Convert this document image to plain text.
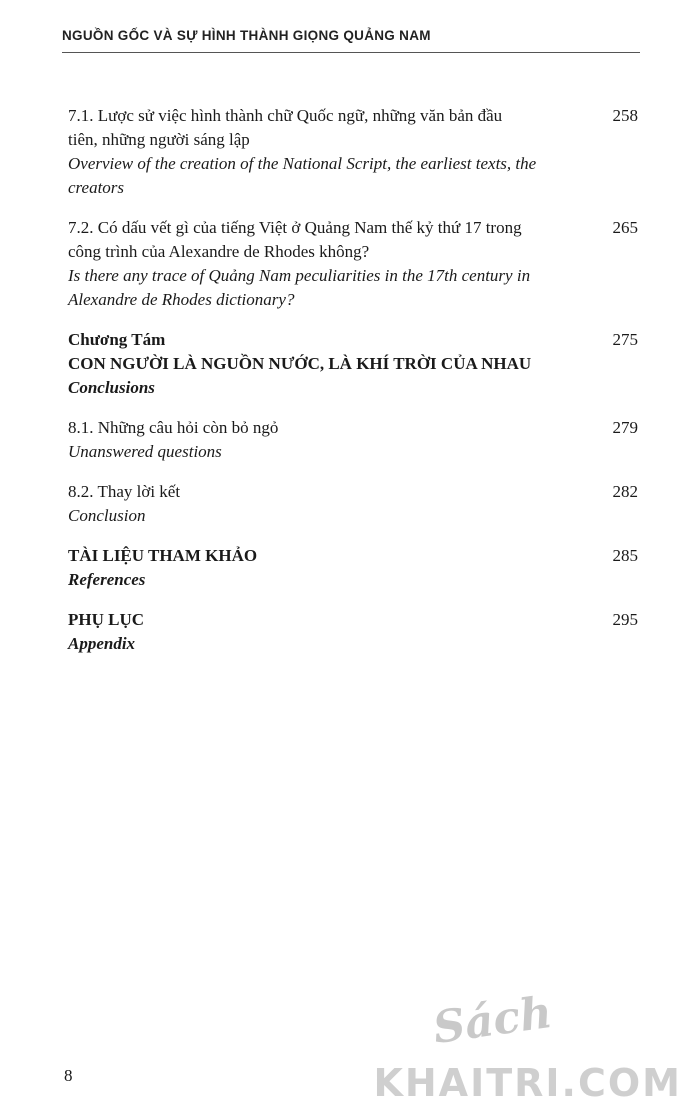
NGUỒN GỐC VÀ SỰ HÌNH THÀNH GIỌNG QUẢNG NAM
7.1. Lược sử việc hình thành chữ Quốc ngữ, những văn bản đầu
tiên, những người sáng lập
Overview of the creation of the National Script, the earliest texts, the
creators
258
7.2. Có dấu vết gì của tiếng Việt ở Quảng Nam thế kỷ thứ 17 trong
công trình của Alexandre de Rhodes không?
Is there any trace of Quảng Nam peculiarities in the 17th century in
Alexandre de Rhodes dictionary?
265
Chương Tám
CON NGƯỜI LÀ NGUỒN NƯỚC, LÀ KHÍ TRỜI CỦA NHAU
Conclusions
275
8.1. Những câu hỏi còn bỏ ngỏ
Unanswered questions
279
8.2. Thay lời kết
Conclusion
282
TÀI LIỆU THAM KHẢO
References
285
PHỤ LỤC
Appendix
295
8
Sách
KHAITRI.COM
